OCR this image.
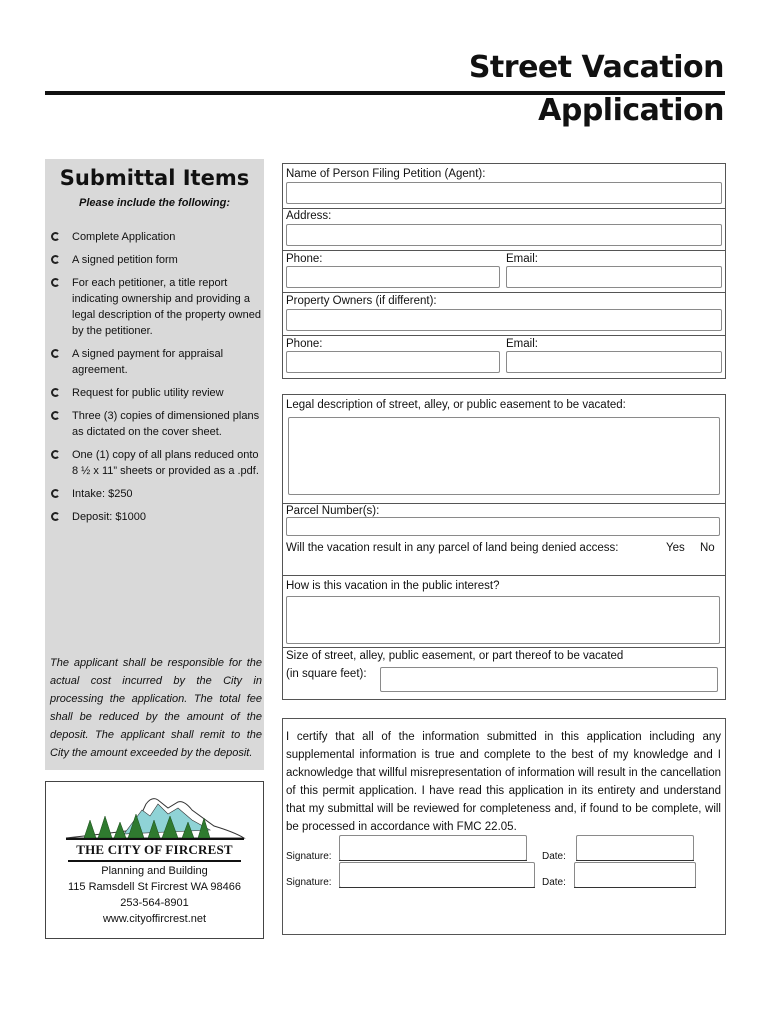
Street Vacation
Application
Submittal Items
Please include the following:
Complete Application
A signed petition form
For each petitioner, a title report indicating ownership and providing a legal description of the property owned by the petitioner.
A signed payment for appraisal agreement.
Request for public utility review
Three (3) copies of dimensioned plans as dictated on the cover sheet.
One (1) copy of all plans reduced onto 8 ½ x 11” sheets or provided as a .pdf.
Intake: $250
Deposit: $1000
The applicant shall be responsible for the actual cost incurred by the City in processing the application. The total fee shall be reduced by the amount of the deposit. The applicant shall remit to the City the amount exceeded by the deposit.
THE CITY OF FIRCREST
Planning and Building
115 Ramsdell St Fircrest WA 98466
253-564-8901
www.cityoffircrest.net
Name of Person Filing Petition (Agent):
Address:
Phone:	Email:
Property Owners (if different):
Phone:	Email:
Legal description of street, alley, or public easement to be vacated:
Parcel Number(s):
Will the vacation result in any parcel of land being denied access:	Yes No
How is this vacation in the public interest?
Size of street, alley, public easement, or part thereof to be vacated
(in square feet):
I certify that all of the information submitted in this application including any supplemental information is true and complete to the best of my knowledge and I acknowledge that willful misrepresentation of information will result in the cancellation of this permit application. I have read this application in its entirety and understand that my submittal will be reviewed for completeness and, if found to be complete, will be processed in accordance with FMC 22.05.
Signature:	Date:
Signature:	Date:
